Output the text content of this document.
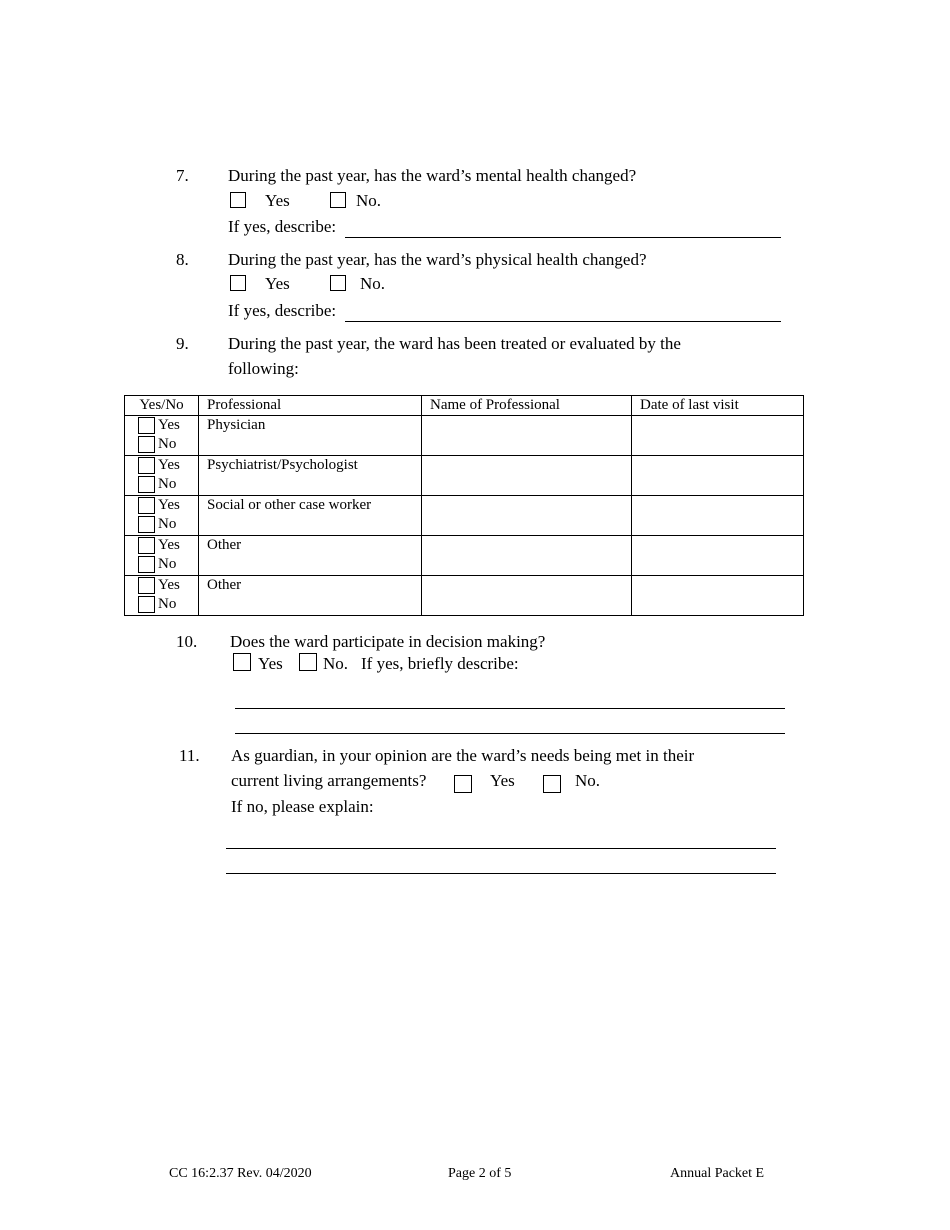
7. During the past year, has the ward’s mental health changed?
Yes	No.
If yes, describe:
8. During the past year, has the ward’s physical health changed?
Yes	No.
If yes, describe:
9. During the past year, the ward has been treated or evaluated by the
following:
Yes/No	Professional	Name of Professional	Date of last visit

Yes
No	Physician		

Yes
No	Psychiatrist/Psychologist		

Yes
No	Social or other case worker		

Yes
No	Other		

Yes
No	Other		
10. Does the ward participate in decision making?
Yes No. If yes, briefly describe:
11. As guardian, in your opinion are the ward’s needs being met in their
current living arrangements?	Yes	No.
If no, please explain:
CC 16:2.37 Rev. 04/2020	Page 2 of 5	Annual Packet E
